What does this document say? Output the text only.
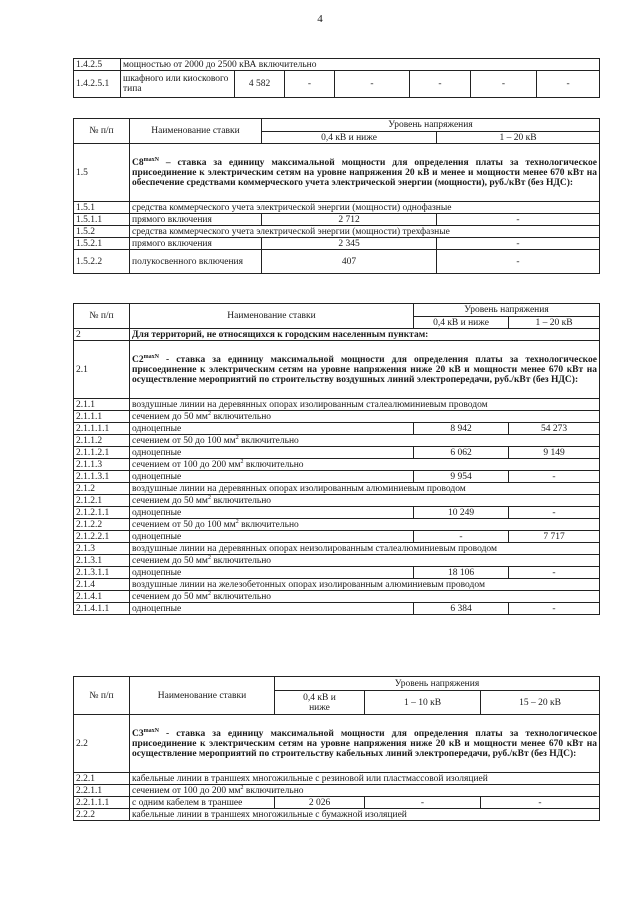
4
1.4.2.5	мощностью от 2000 до 2500 кВА включительно						
1.4.2.5.1	шкафного или киоскового типа	4 582	-	-	-	-	-
№ п/п	Наименование ставки	Уровень напряжения	
		0,4 кВ и ниже	1 – 20 кВ
1.5	$C8^{maxN}$ – ставка за единицу максимальной мощности для определения платы за технологическое присоединение к электрическим сетям на уровне напряжения 20 кВ и менее и мощности менее 670 кВт на обеспечение средствами коммерческого учета электрической энергии (мощности), руб./кВт (без НДС):		
1.5.1	средства коммерческого учета электрической энергии (мощности) однофазные		
1.5.1.1	прямого включения	2 712	-
1.5.2	средства коммерческого учета электрической энергии (мощности) трехфазные		
1.5.2.1	прямого включения	2 345	-
1.5.2.2	полукосвенного включения	407	-
№ п/п	Наименование ставки	Уровень напряжения	
		0,4 кВ и ниже	1 – 20 кВ
2	Для территорий, не относящихся к городским населенным пунктам:		
2.1	$C2^{maxN}$ - ставка за единицу максимальной мощности для определения платы за технологическое присоединение к электрическим сетям на уровне напряжения ниже 20 кВ и мощности менее 670 кВт на осуществление мероприятий по строительству воздушных линий электропередачи, руб./кВт (без НДС):		
2.1.1	воздушные линии на деревянных опорах изолированным сталеалюминиевым проводом		
2.1.1.1	сечением до 50 $мм^2$ включительно		
2.1.1.1.1	одноцепные	8 942	54 273
2.1.1.2	сечением от 50 до 100 $мм^2$ включительно		
2.1.1.2.1	одноцепные	6 062	9 149
2.1.1.3	сечением от 100 до 200 $мм^2$ включительно		
2.1.1.3.1	одноцепные	9 954	-
2.1.2	воздушные линии на деревянных опорах изолированным алюминиевым проводом		
2.1.2.1	сечением до 50 $мм^2$ включительно		
2.1.2.1.1	одноцепные	10 249	-
2.1.2.2	сечением от 50 до 100 $мм^2$ включительно		
2.1.2.2.1	одноцепные	-	7 717
2.1.3	воздушные линии на деревянных опорах неизолированным сталеалюминиевым проводом		
2.1.3.1	сечением до 50 $мм^2$ включительно		
2.1.3.1.1	одноцепные	18 106	-
2.1.4	воздушные линии на железобетонных опорах изолированным алюминиевым проводом		
2.1.4.1	сечением до 50 $мм^2$ включительно		
2.1.4.1.1	одноцепные	6 384	-
№ п/п	Наименование ставки	Уровень напряжения		
		0,4 кВ и ниже	1 – 10 кВ	15 – 20 кВ
2.2	$C3^{maxN}$ - ставка за единицу максимальной мощности для определения платы за технологическое присоединение к электрическим сетям на уровне напряжения ниже 20 кВ и мощности менее 670 кВт на осуществление мероприятий по строительству кабельных линий электропередачи, руб./кВт (без НДС):			
2.2.1	кабельные линии в траншеях многожильные с резиновой или пластмассовой изоляцией			
2.2.1.1	сечением от 100 до 200 $мм^2$ включительно			
2.2.1.1.1	с одним кабелем в траншее	2 026	-	-
2.2.2	кабельные линии в траншеях многожильные с бумажной изоляцией			
